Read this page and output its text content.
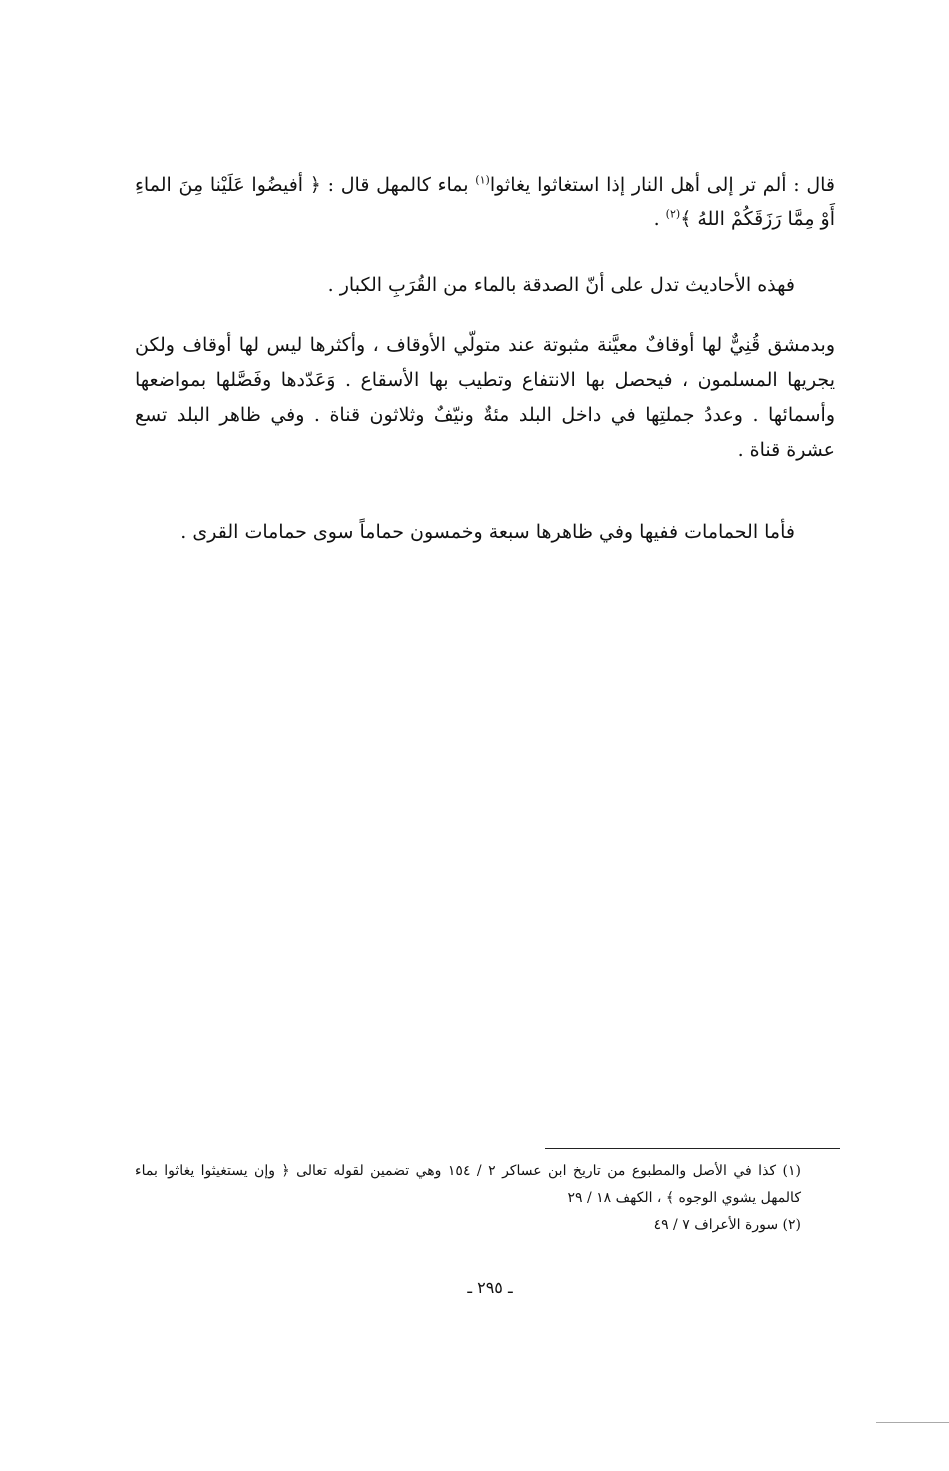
قال : ألم تر إلى أهل النار إذا استغاثوا يغاثوا$^{(١)}$ بماء كالمهل قال : ﴿ أفيضُوا عَلَيْنا مِنَ الماءِ أَوْ مِمَّا رَزَقَكُمْ اللهُ ﴾$^{(٢)}$ .

فهذه الأحاديث تدل على أنّ الصدقة بالماء من القُرَبِ الكبار .

وبدمشق قُنِيٌّ لها أوقافٌ معيَّنة مثبوتة عند متولّي الأوقاف ، وأكثرها ليس لها أوقاف ولكن يجريها المسلمون ، فيحصل بها الانتفاع وتطيب بها الأسقاع . وَعَدّدها وفَصَّلها بمواضعها وأسمائها . وعددُ جملتِها في داخل البلد مئةٌ ونيّفٌ وثلاثون قناة . وفي ظاهر البلد تسع عشرة قناة .

فأما الحمامات ففيها وفي ظاهرها سبعة وخمسون حماماً سوى حمامات القرى .

(١) كذا في الأصل والمطبوع من تاريخ ابن عساكر ٢ / ١٥٤ وهي تضمين لقوله تعالى ﴿ وإن يستغيثوا يغاثوا بماء كالمهل يشوي الوجوه ﴾ ، الكهف ١٨ / ٢٩

(٢) سورة الأعراف ٧ / ٤٩

ـ ٢٩٥ ـ
